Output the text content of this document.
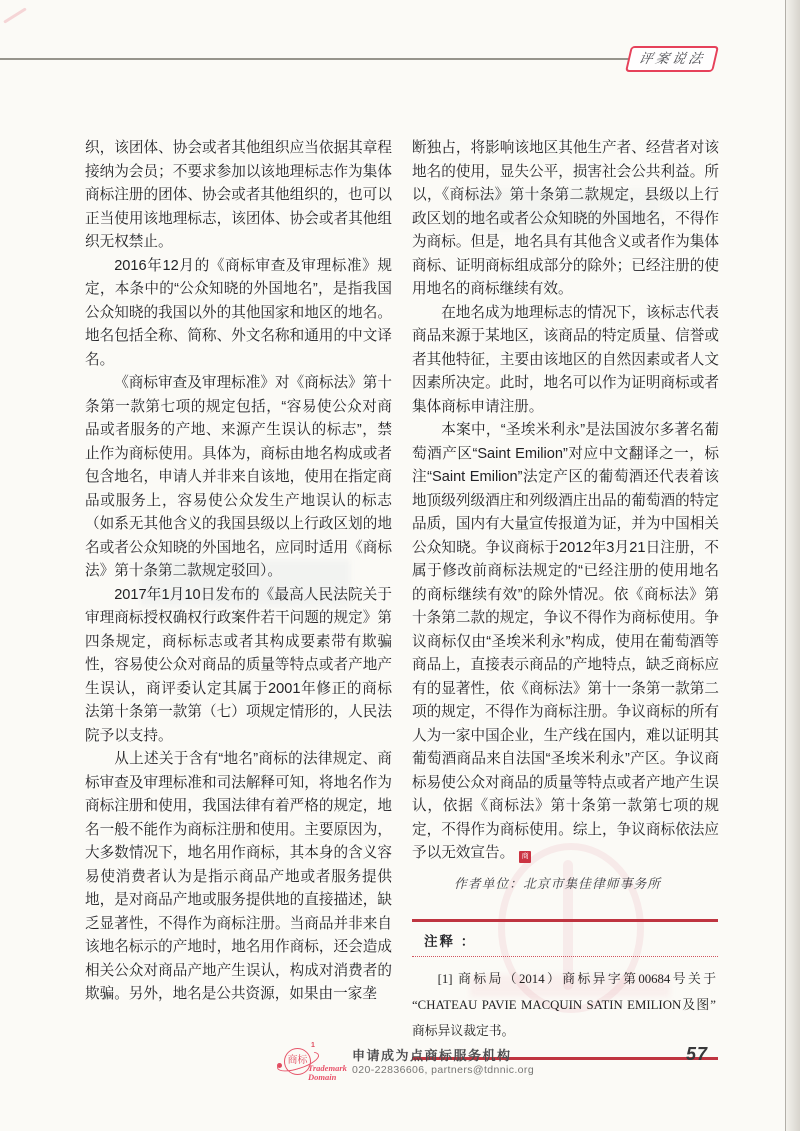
评案说法

织，该团体、协会或者其他组织应当依据其章程接纳为会员；不要求参加以该地理标志作为集体商标注册的团体、协会或者其他组织的，也可以正当使用该地理标志，该团体、协会或者其他组织无权禁止。

2016年12月的《商标审查及审理标准》规定，本条中的“公众知晓的外国地名”，是指我国公众知晓的我国以外的其他国家和地区的地名。地名包括全称、简称、外文名称和通用的中文译名。

《商标审查及审理标准》对《商标法》第十条第一款第七项的规定包括，“容易使公众对商品或者服务的产地、来源产生误认的标志”，禁止作为商标使用。具体为，商标由地名构成或者包含地名，申请人并非来自该地，使用在指定商品或服务上，容易使公众发生产地误认的标志（如系无其他含义的我国县级以上行政区划的地名或者公众知晓的外国地名，应同时适用《商标法》第十条第二款规定驳回）。

2017年1月10日发布的《最高人民法院关于审理商标授权确权行政案件若干问题的规定》第四条规定，商标标志或者其构成要素带有欺骗性，容易使公众对商品的质量等特点或者产地产生误认，商评委认定其属于2001年修正的商标法第十条第一款第（七）项规定情形的，人民法院予以支持。

从上述关于含有“地名”商标的法律规定、商标审查及审理标准和司法解释可知，将地名作为商标注册和使用，我国法律有着严格的规定，地名一般不能作为商标注册和使用。主要原因为，大多数情况下，地名用作商标，其本身的含义容易使消费者认为是指示商品产地或者服务提供地，是对商品产地或服务提供地的直接描述，缺乏显著性，不得作为商标注册。当商品并非来自该地名标示的产地时，地名用作商标，还会造成相关公众对商品产地产生误认，构成对消费者的欺骗。另外，地名是公共资源，如果由一家垄

断独占，将影响该地区其他生产者、经营者对该地名的使用，显失公平，损害社会公共利益。所以，《商标法》第十条第二款规定，县级以上行政区划的地名或者公众知晓的外国地名，不得作为商标。但是，地名具有其他含义或者作为集体商标、证明商标组成部分的除外；已经注册的使用地名的商标继续有效。

在地名成为地理标志的情况下，该标志代表商品来源于某地区，该商品的特定质量、信誉或者其他特征，主要由该地区的自然因素或者人文因素所决定。此时，地名可以作为证明商标或者集体商标申请注册。

本案中，“圣埃米利永”是法国波尔多著名葡萄酒产区“Saint Emilion”对应中文翻译之一，标注“Saint Emilion”法定产区的葡萄酒还代表着该地顶级列级酒庄和列级酒庄出品的葡萄酒的特定品质，国内有大量宣传报道为证，并为中国相关公众知晓。争议商标于2012年3月21日注册，不属于修改前商标法规定的“已经注册的使用地名的商标继续有效”的除外情况。依《商标法》第十条第二款的规定，争议不得作为商标使用。争议商标仅由“圣埃米利永”构成，使用在葡萄酒等商品上，直接表示商品的产地特点，缺乏商标应有的显著性，依《商标法》第十一条第一款第二项的规定，不得作为商标注册。争议商标的所有人为一家中国企业，生产线在国内，难以证明其葡萄酒商品来自法国“圣埃米利永”产区。争议商标易使公众对商品的质量等特点或者产地产生误认，依据《商标法》第十条第一款第七项的规定，不得作为商标使用。综上，争议商标依法应予以无效宣告。 商

作者单位：北京市集佳律师事务所

注释 ：

[1] 商标局（2014）商标异字第00684号关于 “CHATEAU PAVIE MACQUIN SATIN EMILION及图” 商标异议裁定书。

商标
1
Trademark
Domain
申请成为点商标服务机构
020-22836606, partners@tdnnic.org
57
